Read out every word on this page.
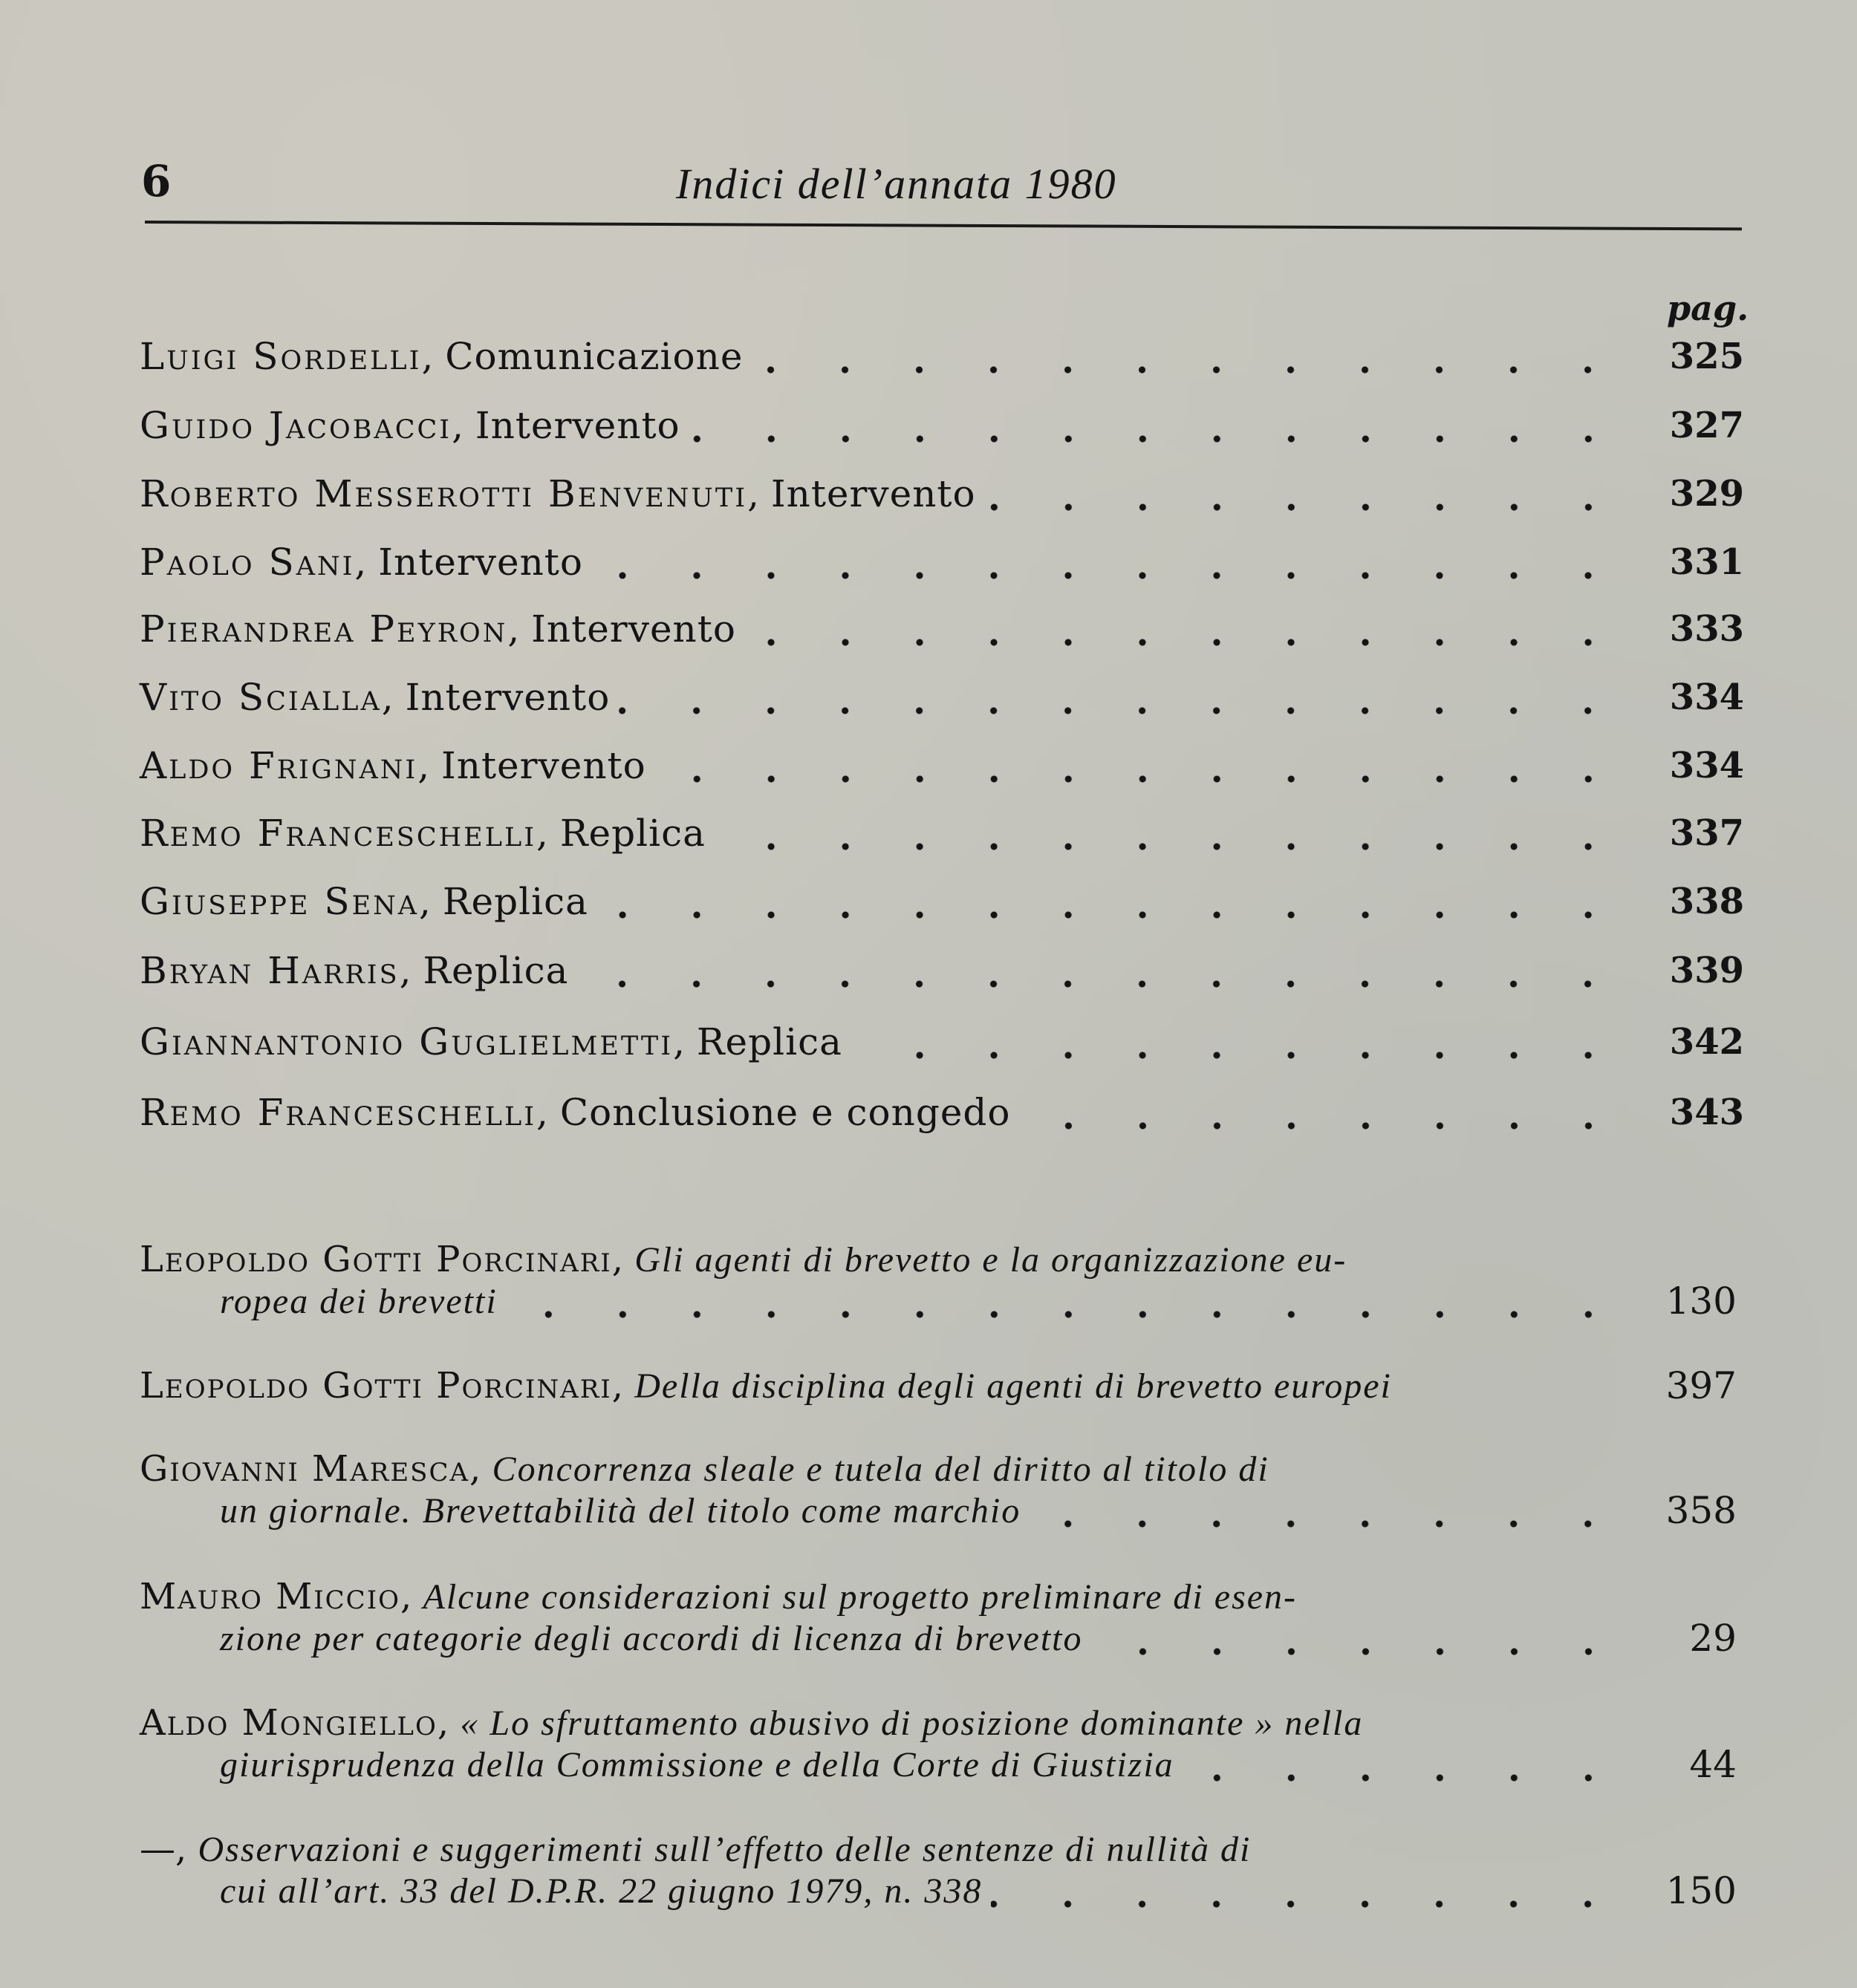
6	Indici dell’annata 1980
pag.
Luigi Sordelli, Comunicazione	325
Guido Jacobacci, Intervento	327
Roberto Messerotti Benvenuti, Intervento	329
Paolo Sani, Intervento	331
Pierandrea Peyron, Intervento	333
Vito Scialla, Intervento	334
Aldo Frignani, Intervento	334
Remo Franceschelli, Replica	337
Giuseppe Sena, Replica	338
Bryan Harris, Replica	339
Giannantonio Guglielmetti, Replica	342
Remo Franceschelli, Conclusione e congedo	343
Leopoldo Gotti Porcinari, Gli agenti di brevetto e la organizzazione eu-
ropea dei brevetti	130
Leopoldo Gotti Porcinari, Della disciplina degli agenti di brevetto europei	397
Giovanni Maresca, Concorrenza sleale e tutela del diritto al titolo di
un giornale. Brevettabilità del titolo come marchio	358
Mauro Miccio, Alcune considerazioni sul progetto preliminare di esen-
zione per categorie degli accordi di licenza di brevetto	29
Aldo Mongiello, « Lo sfruttamento abusivo di posizione dominante » nella
giurisprudenza della Commissione e della Corte di Giustizia	44
—, Osservazioni e suggerimenti sull’effetto delle sentenze di nullità di
cui all’art. 33 del D.P.R. 22 giugno 1979, n. 338	150
